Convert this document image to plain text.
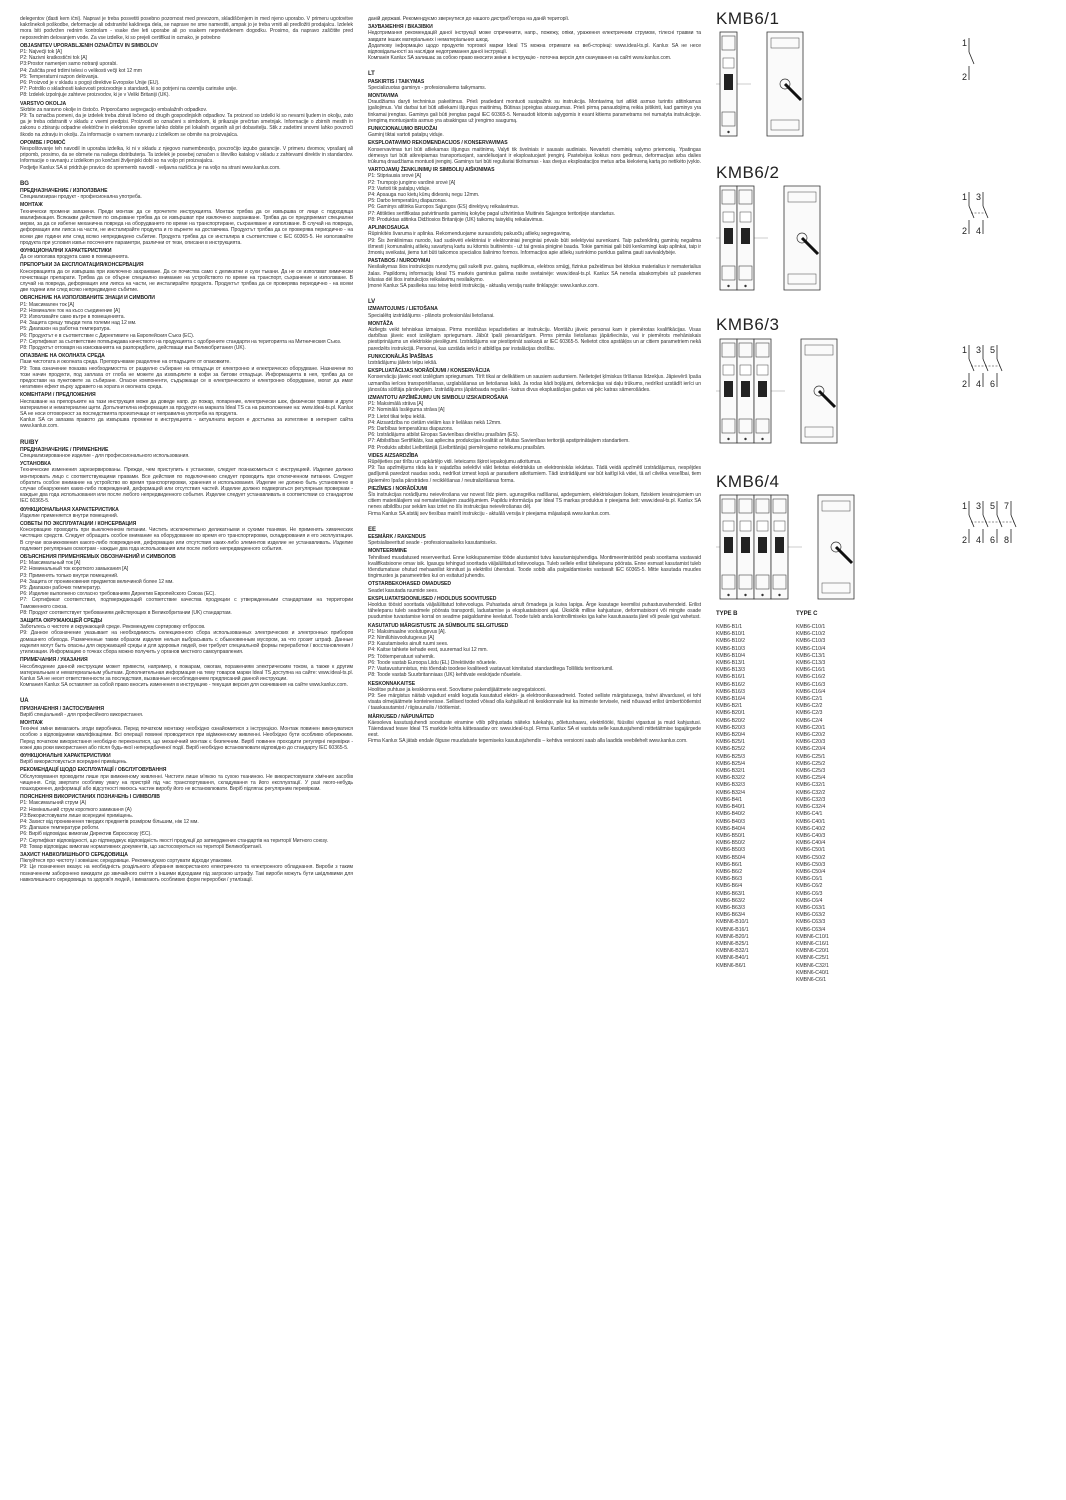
delegentov (đasti kem ični). Napravi je treba posvetiti posebno pozornost med prevozom, skladiščenjem in med njeno uporabo. V primeru ugotovitve kakršnekoli poškodbe, deformacije ali odstranitvi kakšnega dela, se naprave ne sme namestiti, ampak jo je treba vrniti ali predložiti prodajalcu. Izdelek mora biti podvržen rednim kontrolam - vsake dve leti uporabe ali po vsakem nepredvidenem dogodku. Prosimo, da napravo zaščitite pred neposrednim delovanjem vode. Za vse izdelke, ki so prejeli certifikat in oznako, je potrebno
OBJASNITEV UPORABLJENIH OZNAČITEV IN SIMBOLOV
P1: Najvećji tok [A]
P2: Nazivni kratkostični tok [A]
P3:Prostor namenjen samo notranji uporabi.
P4: Zaščita pred trdimi telesi o velikosti večji kot 12 mm
P5: Temperaturni razpon delovanja.
P6: Proizvod je v skladu s pogoji direktive Evropske Unije (EU).
P7: Potrdilo o skladnosti kakovosti proizvodnje s standardi, ki so potrjeni na ozemlju carinske unije.
P8: Izdelek izpolnjuje zahteve proizvodov, ki je v Veliki Britaniji (UK).
VARSTVO OKOLJA
Skrbite za naravno okolje in čistočo. Priporočamo segregacijo embalažnih odpadkov.
P9: Ta označba pomeni, da je izdelek treba zbirati ločeno od drugih gospodinjskih odpadkov. Ta proizvod so izdelki ki so nevarni ljudem in okolju, zato ga je treba odstraniti v skladu z vsemi predpisi. Proizvodi so označeni s simbolom, ki prikazuje prečrtan smetnjak. Informacije o zbirnih mestih in zakonu o zbiranju odpadne električne in elektronske opreme lahko dobite pri lokalnih organih ali pri dobavitelju. Stik z zadetimi snovmi lahko povzroči škodo na zdravju in okolju. Za informacije o varnem ravnanju z izdelkom se obrnite na proizvajalca.
OPOMBE / POMOČ
Nespoštovanje teh navodil in uporaba izdelka, ki ni v skladu z njegovo namembnostjo, povzročijo izgubo garancije. V primeru dvomov, vprašanj ali pripomb, prosimo, da se obrnete na našega distributerja. Ta izdelek je posebej označen s številko katalog v skladu z zahtevami direktiv in standardov. Informacije o ravnanju z izdelkom po končani življenjski dobi so na voljo pri proizvajalcu.
Podjetje Kanlux SA si pridržuje pravico do sprememb navodil - veljavna različica je na voljo na strani www.kanlux.com.
BG
ПРЕДНАЗНАЧЕНИЕ / ИЗПОЛЗВАНЕ
Специализиран продукт - професионална употреба.
МОНТАЖ
Технически промени запазени. Преди монтаж да се прочетете инструкцията. Монтаж трябва да се извършва от лице с подходяща квалификация. Всякакви действия по свързване трябва да се извършват при изключено захранване. Трябва да се предприемат специални мерки, за да се избегне механична повреда на оборудването по време на транспортиране, съхраняване и използване. В случай на повреда, деформация или липса на части, не инсталирайте продукта и го върнете на доставчика. Продуктът трябва да се проверява периодично - на всеки две години или след всяко непредвидено събитие. Продукта трябва да се инсталира в съответствие с IEC 60365-5. Не използвайте продукта при условия извън посочените параметри, различни от тези, описани в инструкцията.
ФУНКЦИОНАЛНИ ХАРАКТЕРИСТИКИ
Да се използва продукта само в помещенията.
ПРЕПОРЪКИ ЗА ЕКСПЛОАТАЦИЯ/КОНСЕРВАЦИЯ
Консервацията да се извършва при изключено захранване. Да се почиства само с деликатни и сухи тъкани. Да не се използват химически почистващи препарати. Трябва да се обърне специално внимание на устройството по време на транспорт, съхранение и използване. В случай на повреда, деформация или липса на части, не инсталирайте продукта. Продуктът трябва да се проверява периодично - на всеки две години или след всяко непредвидено събитие.
ОБЯСНЕНИЕ НА ИЗПОЛЗВАНИТЕ ЗНАЦИ И СИМВОЛИ
P1: Максимален ток [A]
P2: Номинален ток на късо съединение [A]
P3: Използвайте само вътре в помещенията.
P4: Защита срещу твърди тела големи над 12 мм.
P5: Диапазон на работна температура.
P6: Продуктът е в съответствие с Директивите на Европейския Съюз (ЕС).
P7: Сертификат за съответствие потвърждава качеството на продукцията с одобрените стандарти на територията на Митническия Съюз.
P8: Продуктът отговаря на изискванията на разпоредбите, действащи във Великобритания (UK).
ОПАЗВАНЕ НА ОКОЛНАТА СРЕДА
Пази чистотата и околната среда. Препоръчваме разделяне на отпадъците от опаковките.
P9: Това означение показва необходимостта от разделно събиране на отпадъци от електронно и електрическо оборудване. Назначени по този начин продукти, под заплаха от глоба не можете да изхвърлите в кофи за битови отпадъци. Информацията в нея, трябва да се предостави на пунктовете за събиране. Опасни компоненти, съдържащи се в електрическото и електронно оборудване, могат да имат негативен ефект върху здравето на хората и околната среда.
КОМЕНТАРИ / ПРЕДЛОЖЕНИЯ
Неспазване на препоръките на тази инструкция може да доведе напр. до пожар, попарение, електрически шок, физически травми и други материални и нематериални щети. Допълнителна информация за продукти на марката Ideal TS са на разположение на: www.ideal-ts.pl. Kanlux SA не носи отговорност за последствията произтичащи от неправилна употреба на продукта.
Kanlux SA си запазва правото да извършва промени в инструкцията - актуалната версия е достъпна за изтегляне в интернет сайта www.kanlux.com.
RU/BY
ПРЕДНАЗНАЧЕНИЕ / ПРИМЕНЕНИЕ
Специализированное изделие - для профессионального использования.
УСТАНОВКА
Технические изменения зарезервированы. Прежде, чем приступить к установке, следует познакомиться с инструкцией. Изделие должно монтировать лицо с соответствующими правами. Все действия по подключению следует проводить при отключенном питании. Следует обратить особое внимание на устройство во время транспортировки, хранения и использования. Изделие не должно быть установлено в случае обнаружения каких-либо повреждений, деформаций или отсутствия частей. Изделие должно подвергаться регулярным проверкам - каждые два года использования или после любого непредвиденного события. Изделие следует устанавливать в соответствии со стандартом IEC 60365-5.
ФУНКЦИОНАЛЬНАЯ ХАРАКТЕРИСТИКА
Изделие применяется внутри помещений.
СОВЕТЫ ПО ЭКСПЛУАТАЦИИ / КОНСЕРВАЦИЯ
Консервацию проводить при выключенном питании. Чистить исключительно деликатными и сухими тканями. Не применять химических чистящих средств. Следует обращать особое внимание на оборудование во время его транспортировки, складирования и его эксплуатации. В случае возникновения какого-либо повреждения, деформации или отсутствия каких-либо элементов изделие не устанавливать. Изделие подлежит регулярным осмотрам - каждые два года использования или после любого непредвиденного события.
ОБЪЯСНЕНИЯ ПРИМЕНЯЕМЫХ ОБОЗНАЧЕНИЙ И СИМВОЛОВ
P1: Максимальный ток [A]
P2: Номинальный ток короткого замыкания [A]
P3: Применять только внутри помещений.
P4: Защита от проникновения предметов величиной более 12 мм.
P5: Диапазон рабочих температур.
P6: Изделие выполнено согласно требованиям Директив Европейского Союза (ЕС).
P7: Сертификат соответствия, подтверждающий соответствие качества продукции с утвержденными стандартами на территории Таможенного союза.
P8: Продукт соответствует требованиям действующих в Великобритании (UK) стандартам.
ЗАЩИТА ОКРУЖАЮЩЕЙ СРЕДЫ
Заботьтесь о чистоте и окружающей среде. Рекомендуем сортировку отбросов.
P9: Данное обозначение указывает на необходимость селекционного сбора использованных электрических и электронных приборов домашнего обихода. Размеченные таким образом изделия нельзя выбрасывать с обыкновенным мусором, за что грозит штраф. Данные изделия могут быть опасны для окружающей среды и для здоровья людей, они требуют специальной формы переработки / восстановления / утилизации. Информацию о точках сбора можно получить у органов местного самоуправления.
ПРИМЕЧАНИЯ / УКАЗАНИЯ
Несоблюдение данной инструкции может привести, например, к пожарам, ожогам, поражениям электрическим током, а также к другим материальным и нематериальным убыткам. Дополнительная информация на тему товаров марки Ideal TS доступна на сайте: www.ideal-ts.pl. Kanlux SA не несет ответственности за последствия, вызванные несоблюдением предписаний данной инструкции.
Компания Kanlux SA оставляет за собой право вносить изменения в инструкцию - текущая версия для скачивания на сайте www.kanlux.com.
UA
ПРИЗНАЧЕННЯ / ЗАСТОСУВАННЯ
Виріб спеціальний - для професійного використання.
МОНТАЖ
Технічні зміни вимагають згоди виробника. Перед початком монтажу необхідно ознайомитися з інструкцією. Монтаж повинен виконуватися особою з відповідними кваліфікаціями. Всі операції повинні проводитися при відімкненому живленні. Необхідно бути особливо обережним. Перед початком використання необхідно переконатися, що механічний монтаж є безпечним. Виріб повинен проходити регулярні перевірки - кожні два роки використання або після будь-якої непередбаченої події. Виріб необхідно встановлювати відповідно до стандарту IEC 60365-5.
ФУНКЦІОНАЛЬНІ ХАРАКТЕРИСТИКИ
Виріб використовується всередині приміщень.
РЕКОМЕНДАЦІЇ ЩОДО ЕКСПЛУАТАЦІЇ / ОБСЛУГОВУВАННЯ
Обслуговування проводити лише при вимкненому живленні. Чистити лише м'якою та сухою тканиною. Не використовувати хімічних засобів чищення. Слід звертати особливу увагу на пристрій під час транспортування, складування та його експлуатації. У разі якого-небудь пошкодження, деформації або відсутності якихось частин виробу його не встановлювати. Виріб підлягає регулярним перевіркам.
ПОЯСНЕННЯ ВИКОРИСТАНИХ ПОЗНАЧЕНЬ І СИМВОЛІВ
P1: Максимальний струм (A)
P2: Номінальний струм короткого замикання (A)
P3:Використовувати лише всередині приміщень.
P4: Захист від проникнення твердих предметів розміром більшим, ніж 12 мм.
P5: Діапазон температури роботи.
P6: Виріб відповідає вимогам Директив Євросоюзу (ЄС).
P7: Сертифікат відповідності, що підтверджує відповідність якості продукції до затверджених стандартів на території Митного союзу.
P8: Товар відповідає вимогам нормативних документів, що застосовуються на території Великобританії.
ЗАХИСТ НАВКОЛИШНЬОГО СЕРЕДОВИЩА
Піклуйтеся про чистоту і зовнішнє середовище. Рекомендуємо сортувати відходи упаковки.
P9: Це позначення вказує на необхідність роздільного збирання використаного електричного та електронного обладнання. Вироби з таким позначенням заборонено викидати до звичайного сміття з іншими відходами під загрозою штрафу. Такі вироби можуть бути шкідливими для навколишнього середовища та здоров'я людей, і вимагають особливих форм переробки / утилізації.
даній державі. Рекомендуємо звернутися до нашого дистриб'ютора на даній території.
ЗАУВАЖЕННЯ / ВКАЗІВКИ
Недотримання рекомендацій даної інструкції може спричинити, напр., пожежу, опіки, ураження електричним струмом, тілесні травми та завдати інших матеріальних і нематеріальних шкод.
Додаткову інформацію щодо продуктів торгової марки Ideal TS можна отримати на веб-сторінці: www.ideal-ts.pl. Kanlux SA не несе відповідальності за наслідки недотримання даної інструкції.
Компанія Kanlux SA залишає за собою право вносити зміни в інструкцію - поточна версія для скачування на сайті www.kanlux.com.
LT
PASKIRTIS / TAIKYMAS
Specializuotas gaminys - profesionaliems taikymams.
MONTAVIMA
Draudžiama daryti techninius pakeitimus. Prieš pradedant montuoti susipažink su instrukcija. Montavimą turi atlikti asmuo turintis atitinkamus įgaliojimus. Visi darbai turi būti atliekami išjungus maitinimą. Būtinas įsprėgtas atsargumas. Prieš pirmą panaudojimą reikia įsitikinti, kad gaminys yra tinkamai įrengtas. Gaminys gali būti įrengtas pagal IEC 60365-5. Nenaudoti kitomis sąlygomis ir esant kitiems parametrams nei numatyta instrukcijoje. Įrengimą montuojantis asmuo yra atsakingas už įrengimo saugumą.
FUNKCIONALUMO BRUOŽAI
Gaminį tiktai vartoti patalpų viduje.
EKSPLOATAVIMO REKOMENDACIJOS / KONSERVAVIMAS
Konservavimas turi būti atliekamas išjungus maitinimą. Valyti tik švelniais ir sausais audiniais. Nevartoti cheminių valymo priemonių. Ypatingas dėmesys turi būti atkreipiamas transportuojant, sandėliuojant ir eksploatuojant įrenginį. Pastebėjus kokius nors gedimus, deformacijas arba dalies trūkumą draudžiama montuoti įrenginį. Gaminys turi būti reguliariai tikrinamas - kas dvejus eksploatacijos metus arba kiekvieną kartą po netikėto įvykio.
VARTOJAMŲ ŽENKLINIMŲ IR SIMBOLIŲ AIŠKINIMAS
P1: Stipriausia srovė [A]
P2: Trumpojo jungimo vardinė srovė [A]
P3: Vartoti tik patalpų viduje.
P4: Apsauga nuo kietų kūnų didesnių negu 12mm.
P5: Darbo temperatūrų diapazonas.
P6: Gaminys atitinka Europos Sąjungos (ES) direktyvų reikalavimus.
P7: Atitikties sertifikatas patvirtinantis gaminių kokybę pagal užtvirtintus Muitinės Sąjungos teritorijoje standartus.
P8: Produktas atitinka Didžiosios Britanijoje (UK) taikomų taisyklių reikalavimus.
APLINKOSAUGA
Rūpinkitės švaruma ir aplinka. Rekomenduojame surausdotų pakuočių atliekų segregavimą.
P9: Šis ženklinimas nurodo, kad sudėvėti elektriniai ir elektroniniai įrenginiai privalo būti selektyviai surenkami. Taip paženklintų gaminių negalima išmesti į komunalinių atliekų savartyną kartu su kitomis buitinėmis - už tai gresia piniginė bauda. Tokie gaminiai gali būti kenksmingi kaip aplinkai, taip ir žmonių sveikatai, jiems turi būti taikomos specialios šalinimo formos. Informacijos apie atliekų surinkimo punktus galima gauti savivaldybėje.
PASTABOS / NURODYMAI
Nesilaikymas šios instrukcijos nurodymų gali sukelti pvz. gaisrą, nuplikimus, elektros smūgį, fizinius pažeidimus bei kitokius materialius ir nematerialius žalas. Papildomų informacijų Ideal TS markės gaminius galima rasite svetainėje: www.ideal-ts.pl. Kanlux SA neneša atsakomybės už pasekmes kilusias dėl šios instrukcijos reikalavimų nesilaikymo.
Įmonė Kanlux SA pasilieka sau teisę keisti instrukciją - aktualią versiją rasite tinklapyje: www.kanlux.com.
LV
IZMANTOJUMS / LIETOŠANA
Specialētq izstrādājums - plānots profesionālai lietošanai.
MONTĀŽA
Aizliegts veikt tehniskas izmaiņas. Pirms montāžas iepazīstieties ar instrukciju. Montāžu jāveic personai kam ir piemērotas kvalifikācijas. Visas darbības jāveic esot izslēgtam spriegumam. Jābūt īpaši piesardzīgam. Pirms pirmās lietošanas jāpārliecinās, vai ir piemērots mehāniskais piestiprinājums un elektriskie pieslēgumi. Izstrādājums var piestiprināt saskaņā ar IEC 60365-5. Nelietot citos apstākļos un ar citiem parametriem nekā paredzēts instrukcijā. Personai, kas uzstāda ierīci ir atbildīga par instalācijas drošību.
FUNKCIONĀLĀS ĪPAŠĪBAS
Izstrādājumu jālieto telpu iekšā.
EKSPLUATĀCIJAS NORĀDĪJUMI / KONSERVĀCIJA
Konservāciju jāveic esot izslēgtam spriegumam. Tīrīt tikai ar delikātiem un sausiem audumiem. Nelietojiet ķīmiskus tīrīšanas līdzekļus. Jāpievērš īpaša uzmanība ierīces transportēšanas, uzglabāšanas un lietošanas laikā. Ja rodas kādi bojājumi, deformācijas vai daļu trūkums, nedrīkst uzstādīt ierīci un jānosūta sūtītāja pārdevējam. Izstrādājums jāpārbauda regulāri - katrus divus ekspluatācijas gadus vai pēc katras sāmerošādes.
IZMANTOTU APZĪMĒJUMU UN SIMBOLU IZSKAIDROŠANA
P1: Maksimālā strāva [A]
P2: Nominālā īsslēguma strāva [A]
P3: Lietot tikai telpu iekšā.
P4: Aizsardzība no cietām vielām kas ir lielākas nekā 12mm.
P5: Darbības temperatūras diapazons.
P6: Izstrādājums atbilst Eiropas Savienības direktīvu prasībām (ES).
P7: Atbilstības Sertifikāts, kas apliecina produkcijas kvalitāt ar Muitas Savienības teritorijā apstiprinātajiem standartiem.
P8: Produkts atbilst Lielbritānijā (Lielbritānija) piemērojamo noteikumu prasībām.
VIDES AIZSARDZĪBA
Rūpējieties par tīrību un apkārtējo vidi. Ieteicams šķirot iepakojumu atkritumus.
P9: Tas apzīmējums rāda ka ir vajadzība selektīvi vākt lietotas elektriskās un elektroniskās iekārtas. Tādā veidā apzīmētī izstrādājumus, nespējdes gadījumā paredzot naudas sodu, nedrīkst izmest kopā ar parastiem atkritumiem. Tādi izstrādājumi var būt kaitīgi kā videi, tā arī cilvēka veselībai, tiem jāpiemēro īpaša pārstrādes / reciklēšanas / neutralizēšanas forma.
PIEZĪMES / NORĀDĪJUMI
Šīs instrukcijas norādījumu neievērošana var novest līdz piem. ugunsgrēka radīšanai, apdegumiem, elektriskajam šokam, fiziskiem ievainojumiem un citiem materiālajiem vai nemateriālajiem zaudējumiem. Papildu informācija par Ideal TS markas produktus ir pieejama šeit: www.ideal-ts.pl. Kanlux SA nenes atbildību par sekām kas izriet no šīs instrukcijas neievērošanas dēļ.
Firma Kanlux SA atstāj sev tiesības mainīt instrukciju - aktuālā versija ir pieejama mājaslapā www.kanlux.com.
EE
EESMÄRK / RAKENDUS
Spetsialiseeritud seade - professionaalseks kasutamiseks.
MONTEERIMINE
Tehnilised muudatused reserveeritud. Enne kokkupanemise tööde alustamist tutvu kasutamisjuhendiga. Montimeerimistööd peab sooritama vastavaid kvalifikatsioone omav isik. Igasugu tehingud sooritada väljalülitatud toitevooluga. Tuleb sellele erilist tähelepanu pöörata. Enne esmast kasutamist tuleb tõendumatuse ohutud mehaanilist kinnitust ja elektrilisi ühendusi. Toode sobib alla paigaldamiseks vastavalt IEC 60365-5. Mitte kasutada muudes tingimustes ja parameetrites kui on esitatud juhendis.
OTSTARBEKOHASED OMADUSED
Seadet kasutada ruumide sees.
EKSPLUATATSIOONILISED / HOOLDUS SOOVITUSED
Hooldus töösid sooritada väljalülitatud toitevooluga. Puhastada ainult õrnadega ja kuiva lapiga. Ärge kasutage keemilisi puhastusvahendeid. Erilist tähelepanu tuleb seadmele pöörata transpordi, ladustamise ja ekspluatatsiooni ajal. Ükskõik millise kahjustuse, deformatsiooni või mingite osade puudumise tuvastamise korral on seadme paigaldamine keelatud. Toode tuleb anda kontrollimiseks iga kahe kasutusaasta järel või peale igat vahetust.
KASUTATUD MÄRGISTUSTE JA SÜMBOLITE SELGITUSED
P1: Maksimaalne voolutugevus [A].
P2: Nimilühisvoolutugevus [A]
P3: Kasutamiseks ainult ruumi sees.
P4: Kaitse tahkete kehade eest, suuremad kui 12 mm.
P5: Töötemperatuuri vahemik.
P6: Toode vastab Euroopa Liidu (EL) Direktiivide nõuetele.
P7: Vastavustunnistus, mis tõendab toodese kvaliteedi vastavust kinnitatud standarditega Tolliliidu territooriumil.
P8: Toode vastab Suurbritanniaas (UK) kehtivate eeskirjade nõuetele.
KESKONNAKAITSE
Hoolitse puhtuse ja keskkonna eest. Soovitame pakendijäätmete segregatsiooni.
P9: See märgistus näitab vajadust eraldi koguda kasutatud elektri- ja elektroonikaseadmeid. Tooted selliste märgistusega, trahvi ähvardusel, ei tohi visata olmejäätmete konteinerisse. Sellised tooted võivad olla kahjulikud nii keskkonnale kui ka inimeste tervisele, neid nõuavad erilist ümbertöötlemist / taaskasutamist / riigisuunulis / töötlemist.
MÄRKUSED / NÄPUNÄITED
Käesoleva kasutusjuhendi soovituste eiramine võib põhjustada näiteks tulekahju, põletushaavu, elektrilööki, füüsilisi vigastusi ja muid kahjustusi. Täiendavad teave Ideal TS markide kohta kättesaadav on: www.ideal-ts.pl. Firma Kanlux SA ei vastuta selle kasutusjuhendi mittetäitmise tagajärgede eest.
Firma Kanlux SA jätab endale õiguse muudatuste tegemiseks kasutusjuhendis – kehtiva versiooni saab alla laadida veebilehelt www.kanlux.com.
KMB6/1
1
2
KMB6/2
1
2
3
4
KMB6/3
1
2
3
4
5
6
KMB6/4
1
2
3
4
5
6
7
8
TYPE B
KMB6-B1/1
KMB6-B10/1
KMB6-B10/2
KMB6-B10/3
KMB6-B10/4
KMB6-B13/1
KMB6-B13/3
KMB6-B16/1
KMB6-B16/2
KMB6-B16/3
KMB6-B16/4
KMB6-B2/1
KMB6-B20/1
KMB6-B20/2
KMB6-B20/3
KMB6-B20/4
KMB6-B25/1
KMB6-B25/2
KMB6-B25/3
KMB6-B25/4
KMB6-B32/1
KMB6-B32/2
KMB6-B32/3
KMB6-B32/4
KMB6-B4/1
KMB6-B40/1
KMB6-B40/2
KMB6-B40/3
KMB6-B40/4
KMB6-B50/1
KMB6-B50/2
KMB6-B50/3
KMB6-B50/4
KMB6-B6/1
KMB6-B6/2
KMB6-B6/3
KMB6-B6/4
KMB6-B63/1
KMB6-B63/2
KMB6-B63/3
KMB6-B63/4
KMBN6-B10/1
KMBN6-B16/1
KMBN6-B20/1
KMBN6-B25/1
KMBN6-B32/1
KMBN6-B40/1
KMBN6-B6/1
TYPE C
KMB6-C10/1
KMB6-C10/2
KMB6-C10/3
KMB6-C10/4
KMB6-C13/1
KMB6-C13/3
KMB6-C16/1
KMB6-C16/2
KMB6-C16/3
KMB6-C16/4
KMB6-C2/1
KMB6-C2/2
KMB6-C2/3
KMB6-C2/4
KMB6-C20/1
KMB6-C20/2
KMB6-C20/3
KMB6-C20/4
KMB6-C25/1
KMB6-C25/2
KMB6-C25/3
KMB6-C25/4
KMB6-C32/1
KMB6-C32/2
KMB6-C32/3
KMB6-C32/4
KMB6-C4/1
KMB6-C40/1
KMB6-C40/2
KMB6-C40/3
KMB6-C40/4
KMB6-C50/1
KMB6-C50/2
KMB6-C50/3
KMB6-C50/4
KMB6-C6/1
KMB6-C6/2
KMB6-C6/3
KMB6-C6/4
KMB6-C63/1
KMB6-C63/2
KMB6-C63/3
KMB6-C63/4
KMBN6-C10/1
KMBN6-C16/1
KMBN6-C20/1
KMBN6-C25/1
KMBN6-C32/1
KMBN6-C40/1
KMBN6-C6/1
